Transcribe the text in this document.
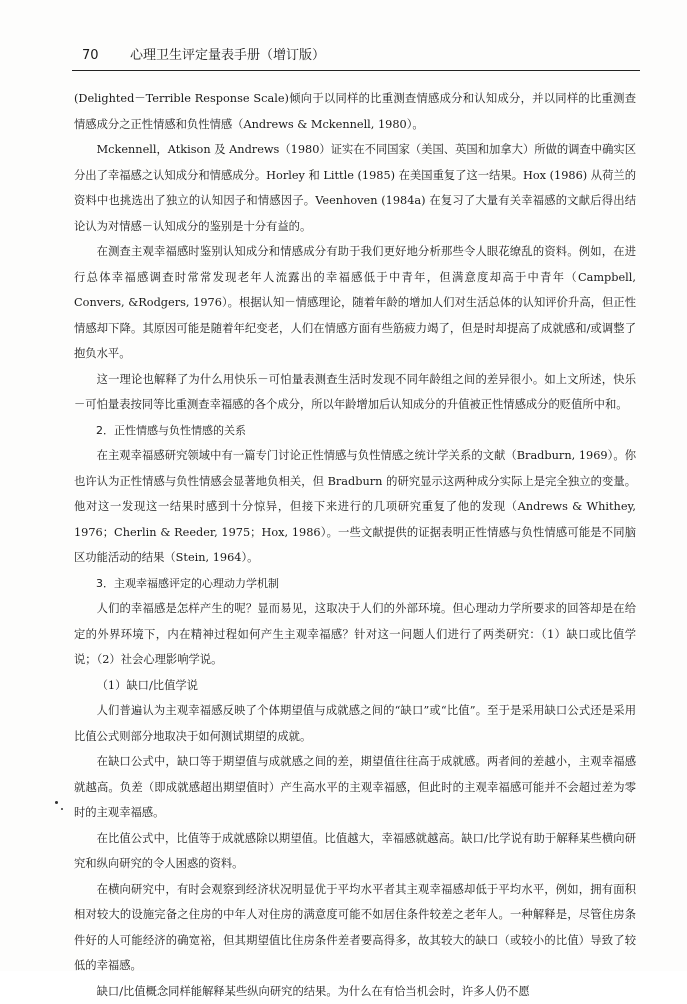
70 心理卫生评定量表手册（增订版）

(Delighted－Terrible Response Scale)倾向于以同样的比重测查情感成分和认知成分，并以同样的比重测查情感成分之正性情感和负性情感（Andrews & Mckennell, 1980）。

Mckennell，Atkison 及 Andrews（1980）证实在不同国家（美国、英国和加拿大）所做的调查中确实区分出了幸福感之认知成分和情感成分。Horley 和 Little (1985) 在美国重复了这一结果。Hox (1986) 从荷兰的资料中也挑选出了独立的认知因子和情感因子。Veenhoven (1984a) 在复习了大量有关幸福感的文献后得出结论认为对情感－认知成分的鉴别是十分有益的。

在测查主观幸福感时鉴别认知成分和情感成分有助于我们更好地分析那些令人眼花缭乱的资料。例如，在进行总体幸福感调查时常常发现老年人流露出的幸福感低于中青年，但满意度却高于中青年（Campbell, Convers, &Rodgers, 1976）。根据认知－情感理论，随着年龄的增加人们对生活总体的认知评价升高，但正性情感却下降。其原因可能是随着年纪变老，人们在情感方面有些筋疲力竭了，但是时却提高了成就感和/或调整了抱负水平。

这一理论也解释了为什么用快乐－可怕量表测查生活时发现不同年龄组之间的差异很小。如上文所述，快乐－可怕量表按同等比重测查幸福感的各个成分，所以年龄增加后认知成分的升值被正性情感成分的贬值所中和。

2．正性情感与负性情感的关系

在主观幸福感研究领域中有一篇专门讨论正性情感与负性情感之统计学关系的文献（Bradburn, 1969）。你也许认为正性情感与负性情感会显著地负相关，但 Bradburn 的研究显示这两种成分实际上是完全独立的变量。他对这一发现这一结果时感到十分惊异，但接下来进行的几项研究重复了他的发现（Andrews & Whithey, 1976；Cherlin & Reeder, 1975；Hox, 1986）。一些文献提供的证据表明正性情感与负性情感可能是不同脑区功能活动的结果（Stein, 1964）。

3．主观幸福感评定的心理动力学机制

人们的幸福感是怎样产生的呢？显而易见，这取决于人们的外部环境。但心理动力学所要求的回答却是在给定的外界环境下，内在精神过程如何产生主观幸福感？针对这一问题人们进行了两类研究：（1）缺口或比值学说；（2）社会心理影响学说。

（1）缺口/比值学说

人们普遍认为主观幸福感反映了个体期望值与成就感之间的“缺口”或“比值”。至于是采用缺口公式还是采用比值公式则部分地取决于如何测试期望的成就。

在缺口公式中，缺口等于期望值与成就感之间的差，期望值往往高于成就感。两者间的差越小，主观幸福感就越高。负差（即成就感超出期望值时）产生高水平的主观幸福感，但此时的主观幸福感可能并不会超过差为零时的主观幸福感。

在比值公式中，比值等于成就感除以期望值。比值越大，幸福感就越高。缺口/比学说有助于解释某些横向研究和纵向研究的令人困惑的资料。

在横向研究中，有时会观察到经济状况明显优于平均水平者其主观幸福感却低于平均水平，例如，拥有面积相对较大的设施完备之住房的中年人对住房的满意度可能不如居住条件较差之老年人。一种解释是，尽管住房条件好的人可能经济的确宽裕，但其期望值比住房条件差者要高得多，故其较大的缺口（或较小的比值）导致了较低的幸福感。

缺口/比值概念同样能解释某些纵向研究的结果。为什么在有恰当机会时，许多人仍不愿
